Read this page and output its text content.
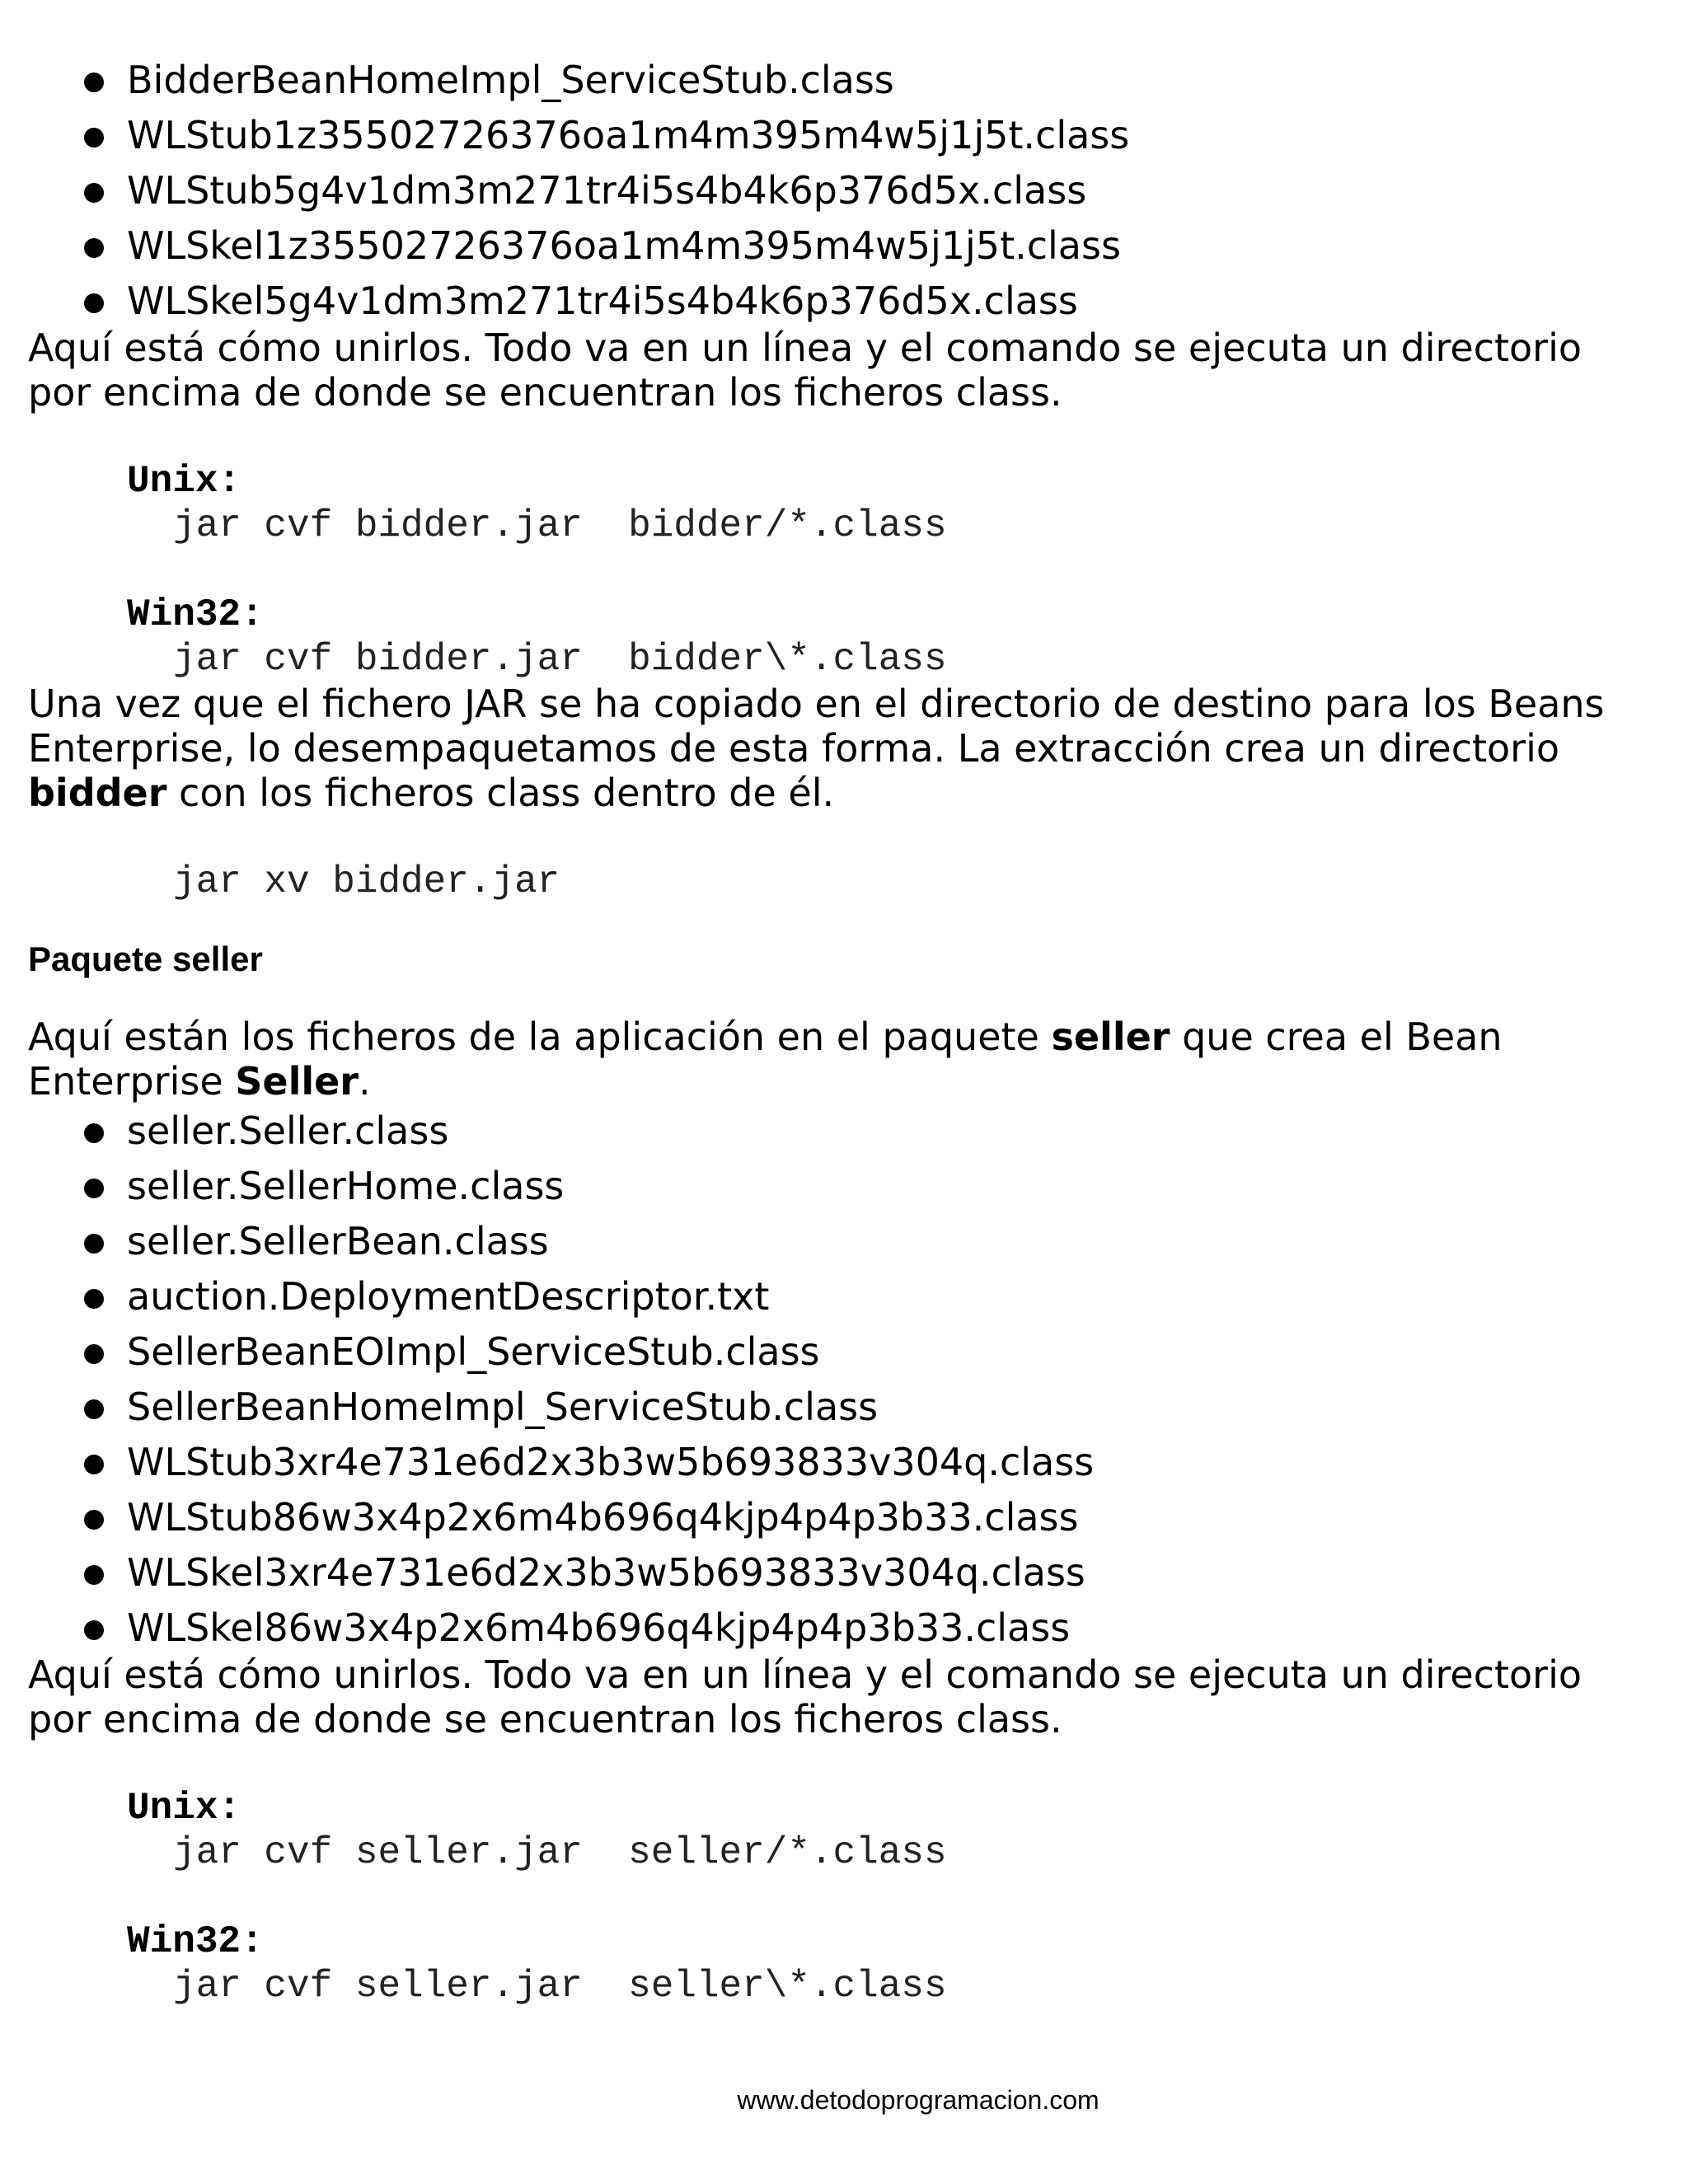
BidderBeanHomeImpl_ServiceStub.class
WLStub1z35502726376oa1m4m395m4w5j1j5t.class
WLStub5g4v1dm3m271tr4i5s4b4k6p376d5x.class
WLSkel1z35502726376oa1m4m395m4w5j1j5t.class
WLSkel5g4v1dm3m271tr4i5s4b4k6p376d5x.class

Aquí está cómo unirlos. Todo va en un línea y el comando se ejecuta un directorio
por encima de donde se encuentran los ficheros class.

Unix:
jar cvf bidder.jar  bidder/*.class
Win32:
jar cvf bidder.jar  bidder\*.class

Una vez que el fichero JAR se ha copiado en el directorio de destino para los Beans
Enterprise, lo desempaquetamos de esta forma. La extracción crea un directorio
bidder con los ficheros class dentro de él.

jar xv bidder.jar
Paquete seller

Aquí están los ficheros de la aplicación en el paquete seller que crea el Bean
Enterprise Seller.

seller.Seller.class
seller.SellerHome.class
seller.SellerBean.class
auction.DeploymentDescriptor.txt
SellerBeanEOImpl_ServiceStub.class
SellerBeanHomeImpl_ServiceStub.class
WLStub3xr4e731e6d2x3b3w5b693833v304q.class
WLStub86w3x4p2x6m4b696q4kjp4p4p3b33.class
WLSkel3xr4e731e6d2x3b3w5b693833v304q.class
WLSkel86w3x4p2x6m4b696q4kjp4p4p3b33.class

Aquí está cómo unirlos. Todo va en un línea y el comando se ejecuta un directorio
por encima de donde se encuentran los ficheros class.

Unix:
jar cvf seller.jar  seller/*.class
Win32:
jar cvf seller.jar  seller\*.class
www.detodoprogramacion.com
